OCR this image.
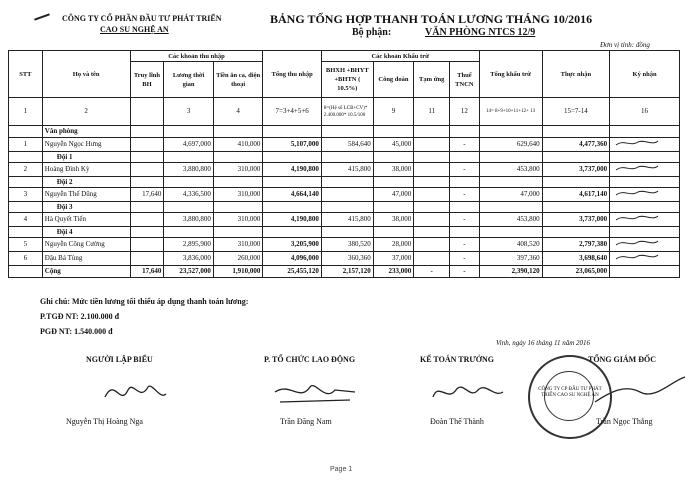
CÔNG TY CỔ PHẦN ĐẦU TƯ PHÁT TRIỂN
CAO SU NGHỆ AN
BẢNG TỔNG HỢP THANH TOÁN LƯƠNG THÁNG 10/2016
Bộ phận:	VĂN PHÒNG NTCS 12/9
Đơn vị tính: đồng
STT	Họ và tên	Các khoản thu nhập			Tổng thu nhập	Các khoản Khấu trừ				Tổng khấu trừ	Thực nhận	Ký nhận
		Truy lĩnh BH	Lương thời gian	Tiền ăn ca, điện thoại		BHXH +BHYT +BHTN ( 10.5%)	Công đoàn	Tạm ứng	Thuế TNCN			
1	2		3	4	7=3+4+5+6	8=(Hệ số LCB+CV)* 2.400.000* 10.5/100	9	11	12	14= 8+9+10+11+12+ 13	15=7-14	16
	Văn phòng											
1	Nguyễn Ngọc Hưng		4,697,000	410,000	5,107,000	584,640	45,000		-	629,640	4,477,360	
	Đội 1											
2	Hoàng Đình Kỳ		3,880,800	310,000	4,190,800	415,800	38,000		-	453,800	3,737,000	
	Đội 2											
3	Nguyễn Thế Dũng	17,640	4,336,500	310,000	4,664,140		47,000		-	47,000	4,617,140	
	Đội 3											
4	Hà Quyết Tiến		3,880,800	310,000	4,190,800	415,800	38,000		-	453,800	3,737,000	
	Đội 4											
5	Nguyễn Công Cường		2,895,900	310,000	3,205,900	380,520	28,000		-	408,520	2,797,380	
6	Đậu Bá Tùng		3,836,000	260,000	4,096,000	360,360	37,000		-	397,360	3,698,640	
	Cộng	17,640	23,527,000	1,910,000	25,455,120	2,157,120	233,000	-	-	2,390,120	23,065,000	
Ghi chú: Mức tiền lương tối thiểu áp dụng thanh toán lương:
P.TGĐ NT: 2.100.000 đ
PGĐ NT: 1.540.000 đ
Vinh, ngày 16 tháng 11 năm 2016
NGƯỜI LẬP BIỂU	P. TỔ CHỨC LAO ĐỘNG	KẾ TOÁN TRƯỞNG	TỔNG GIÁM ĐỐC
CÔNG TY CP ĐẦU TƯ PHÁT TRIỂN CAO SU NGHỆ AN
Nguyễn Thị Hoàng Nga	Trần Đăng Nam	Đoàn Thế Thành	Trần Ngọc Thắng
Page 1
